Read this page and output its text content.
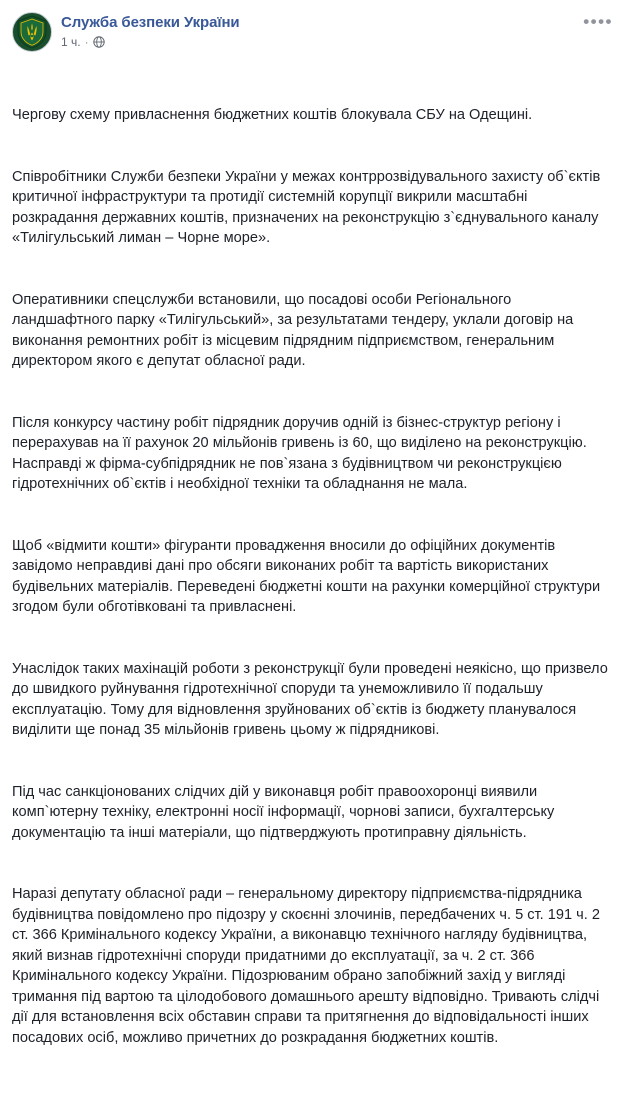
Служба безпеки України
1 ч. ·
••••

Чергову схему привласнення бюджетних коштів блокувала СБУ на Одещині.

Співробітники Служби безпеки України у межах контррозвідувального захисту об`єктів критичної інфраструктури та протидії системній корупції викрили масштабні розкрадання державних коштів, призначених на реконструкцію з`єднувального каналу «Тилігульський лиман – Чорне море».

Оперативники спецслужби встановили, що посадові особи Регіонального ландшафтного парку «Тилігульський», за результатами тендеру, уклали договір на виконання ремонтних робіт із місцевим підрядним підприємством, генеральним директором якого є депутат обласної ради.

Після конкурсу частину робіт підрядник доручив одній із бізнес-структур регіону і перерахував на її рахунок 20 мільйонів гривень із 60, що виділено на реконструкцію. Насправді ж фірма-субпідрядник не пов`язана з будівництвом чи реконструкцією гідротехнічних об`єктів і необхідної техніки та обладнання не мала.

Щоб «відмити кошти» фігуранти провадження вносили до офіційних документів завідомо неправдиві дані про обсяги виконаних робіт та вартість використаних будівельних матеріалів. Переведені бюджетні кошти на рахунки комерційної структури згодом були обготівковані та привласнені.

Унаслідок таких махінацій роботи з реконструкції були проведені неякісно, що призвело до швидкого руйнування гідротехнічної споруди та унеможливило її подальшу експлуатацію. Тому для відновлення зруйнованих об`єктів із бюджету планувалося виділити ще понад 35 мільйонів гривень цьому ж підрядникові.

Під час санкціонованих слідчих дій у виконавця робіт правоохоронці виявили комп`ютерну техніку, електронні носії інформації, чорнові записи, бухгалтерську документацію та інші матеріали, що підтверджують протиправну діяльність.

Наразі депутату обласної ради – генеральному директору підприємства-підрядника будівництва повідомлено про підозру у скоєнні злочинів, передбачених ч. 5 ст. 191 ч. 2 ст. 366 Кримінального кодексу України, а виконавцю технічного нагляду будівництва, який визнав гідротехнічні споруди придатними до експлуатації, за ч. 2 ст. 366 Кримінального кодексу України. Підозрюваним обрано запобіжний захід у вигляді тримання під вартою та цілодобового домашнього арешту відповідно. Тривають слідчі дії для встановлення всіх обставин справи та притягнення до відповідальності інших посадових осіб, можливо причетних до розкрадання бюджетних коштів.
